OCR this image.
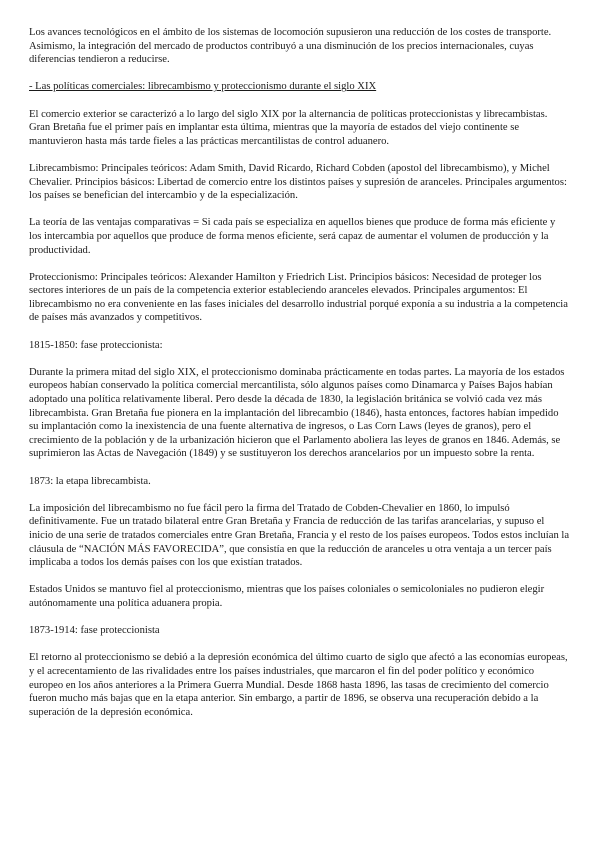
Los avances tecnológicos en el ámbito de los sistemas de locomoción supusieron una reducción de los costes de transporte. Asimismo, la integración del mercado de productos contribuyó a una disminución de los precios internacionales, cuyas diferencias tendieron a reducirse.

- Las políticas comerciales: librecambismo y proteccionismo durante el siglo XIX

El comercio exterior se caracterizó a lo largo del siglo XIX por la alternancia de políticas proteccionistas y librecambistas. Gran Bretaña fue el primer país en implantar esta última, mientras que la mayoría de estados del viejo continente se mantuvieron hasta más tarde fieles a las prácticas mercantilistas de control aduanero.

Librecambismo: Principales teóricos: Adam Smith, David Ricardo, Richard Cobden (apostol del librecambismo), y Michel Chevalier. Principios básicos: Libertad de comercio entre los distintos países y supresión de aranceles. Principales argumentos: los países se benefician del intercambio y de la especialización.

La teoría de las ventajas comparativas = Si cada país se especializa en aquellos bienes que produce de forma más eficiente y los intercambia por aquellos que produce de forma menos eficiente, será capaz de aumentar el volumen de producción y la productividad.

Proteccionismo: Principales teóricos: Alexander Hamilton y Friedrich List. Principios básicos: Necesidad de proteger los sectores interiores de un país de la competencia exterior estableciendo aranceles elevados. Principales argumentos: El librecambismo no era conveniente en las fases iniciales del desarrollo industrial porqué exponía a su industria a la competencia de países más avanzados y competitivos.

1815-1850: fase proteccionista:

Durante la primera mitad del siglo XIX, el proteccionismo dominaba prácticamente en todas partes. La mayoría de los estados europeos habían conservado la política comercial mercantilista, sólo algunos países como Dinamarca y Países Bajos habían adoptado una política relativamente liberal. Pero desde la década de 1830, la legislación británica se volvió cada vez más librecambista. Gran Bretaña fue pionera en la implantación del librecambio (1846), hasta entonces, factores habían impedido su implantación como la inexistencia de una fuente alternativa de ingresos, o Las Corn Laws (leyes de granos), pero el crecimiento de la población y de la urbanización hicieron que el Parlamento aboliera las leyes de granos en 1846. Además, se suprimieron las Actas de Navegación (1849) y se sustituyeron los derechos arancelarios por un impuesto sobre la renta.

1873: la etapa librecambista.

La imposición del librecambismo no fue fácil pero la firma del Tratado de Cobden-Chevalier en 1860, lo impulsó definitivamente. Fue un tratado bilateral entre Gran Bretaña y Francia de reducción de las tarifas arancelarias, y supuso el inicio de una serie de tratados comerciales entre Gran Bretaña, Francia y el resto de los países europeos. Todos estos incluían la cláusula de “NACIÓN MÁS FAVORECIDA”, que consistía en que la reducción de aranceles u otra ventaja a un tercer país implicaba a todos los demás países con los que existían tratados.

Estados Unidos se mantuvo fiel al proteccionismo, mientras que los países coloniales o semicoloniales no pudieron elegir autónomamente una política aduanera propia.

1873-1914: fase proteccionista

El retorno al proteccionismo se debió a la depresión económica del último cuarto de siglo que afectó a las economías europeas, y el acrecentamiento de las rivalidades entre los países industriales, que marcaron el fin del poder político y económico europeo en los años anteriores a la Primera Guerra Mundial. Desde 1868 hasta 1896, las tasas de crecimiento del comercio fueron mucho más bajas que en la etapa anterior. Sin embargo, a partir de 1896, se observa una recuperación debido a la superación de la depresión económica.
